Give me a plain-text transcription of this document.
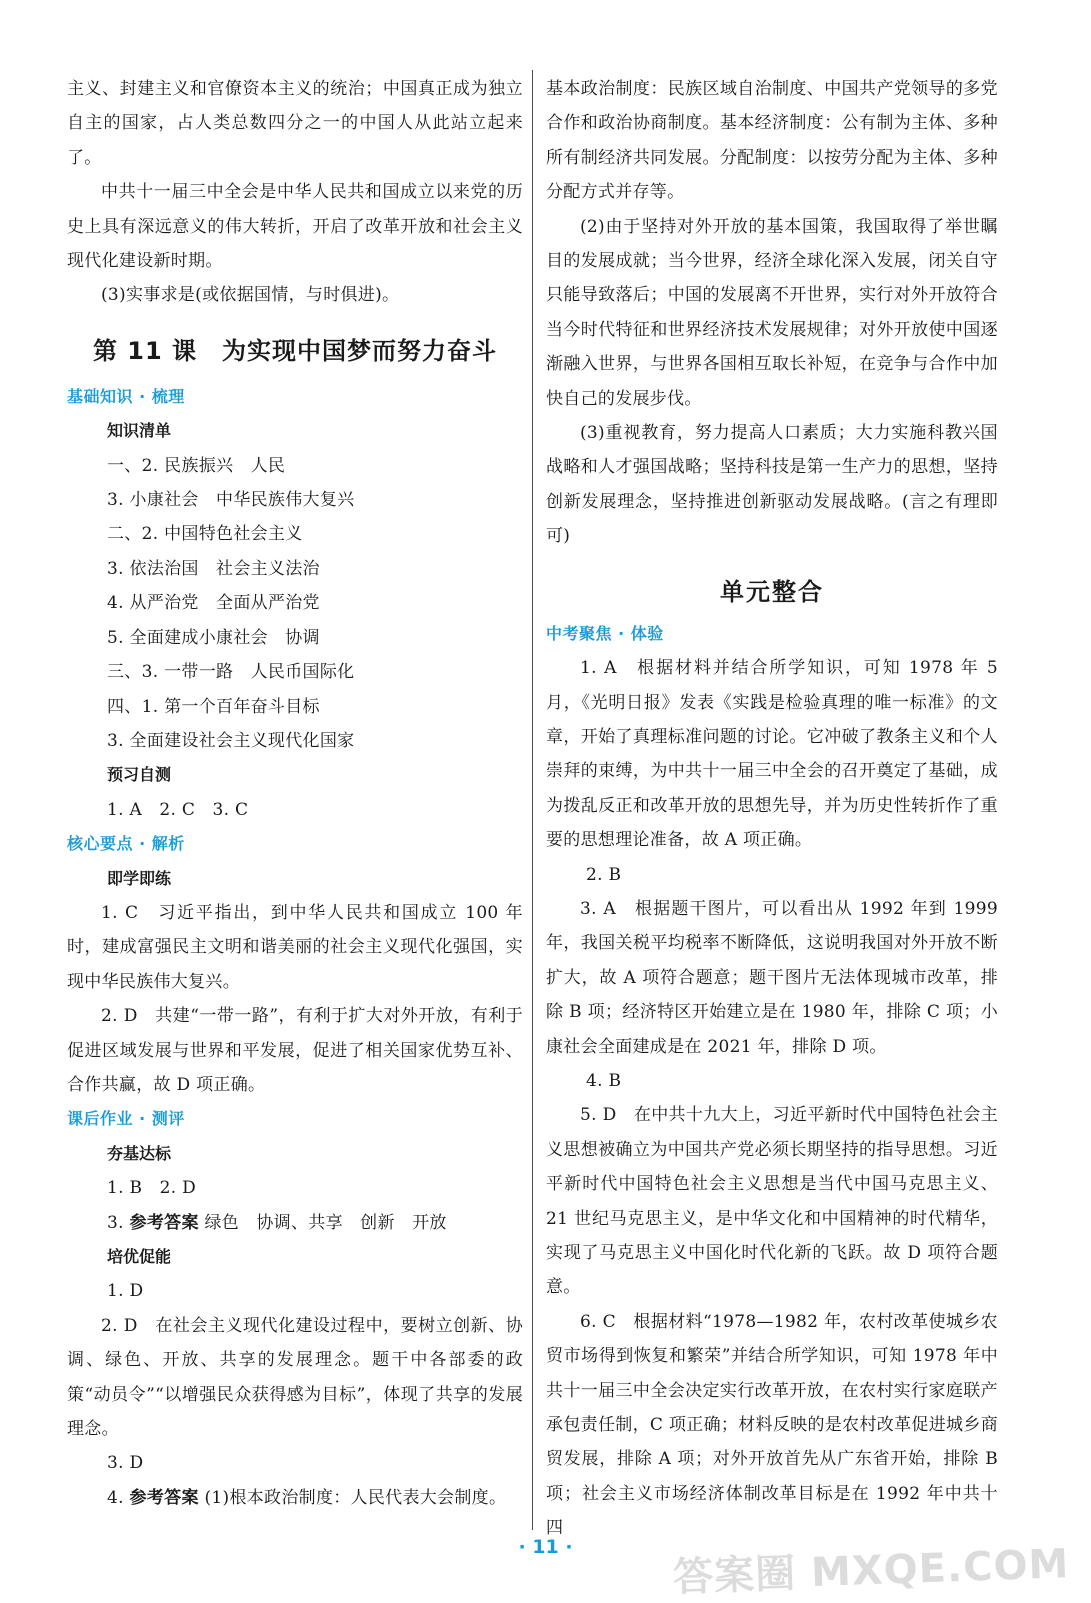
主义、封建主义和官僚资本主义的统治；中国真正成为独立自主的国家，占人类总数四分之一的中国人从此站立起来了。

中共十一届三中全会是中华人民共和国成立以来党的历史上具有深远意义的伟大转折，开启了改革开放和社会主义现代化建设新时期。

(3)实事求是(或依据国情，与时俱进)。

第 11 课　为实现中国梦而努力奋斗

基础知识 · 梳理

知识清单

一、2. 民族振兴　人民

3. 小康社会　中华民族伟大复兴

二、2. 中国特色社会主义

3. 依法治国　社会主义法治

4. 从严治党　全面从严治党

5. 全面建成小康社会　协调

三、3. 一带一路　人民币国际化

四、1. 第一个百年奋斗目标

3. 全面建设社会主义现代化国家

预习自测

1. A　2. C　3. C

核心要点 · 解析

即学即练

1. C　习近平指出，到中华人民共和国成立 100 年时，建成富强民主文明和谐美丽的社会主义现代化强国，实现中华民族伟大复兴。

2. D　共建“一带一路”，有利于扩大对外开放，有利于促进区域发展与世界和平发展，促进了相关国家优势互补、合作共赢，故 D 项正确。

课后作业 · 测评

夯基达标

1. B　2. D

3. 参考答案 绿色　协调、共享　创新　开放

培优促能

1. D

2. D　在社会主义现代化建设过程中，要树立创新、协调、绿色、开放、共享的发展理念。题干中各部委的政策“动员令”“以增强民众获得感为目标”，体现了共享的发展理念。

3. D

4. 参考答案 (1)根本政治制度：人民代表大会制度。

基本政治制度：民族区域自治制度、中国共产党领导的多党合作和政治协商制度。基本经济制度：公有制为主体、多种所有制经济共同发展。分配制度：以按劳分配为主体、多种分配方式并存等。

(2)由于坚持对外开放的基本国策，我国取得了举世瞩目的发展成就；当今世界，经济全球化深入发展，闭关自守只能导致落后；中国的发展离不开世界，实行对外开放符合当今时代特征和世界经济技术发展规律；对外开放使中国逐渐融入世界，与世界各国相互取长补短，在竞争与合作中加快自己的发展步伐。

(3)重视教育，努力提高人口素质；大力实施科教兴国战略和人才强国战略；坚持科技是第一生产力的思想，坚持创新发展理念，坚持推进创新驱动发展战略。(言之有理即可)

单元整合

中考聚焦 · 体验

1. A　根据材料并结合所学知识，可知 1978 年 5 月，《光明日报》发表《实践是检验真理的唯一标准》的文章，开始了真理标准问题的讨论。它冲破了教条主义和个人崇拜的束缚，为中共十一届三中全会的召开奠定了基础，成为拨乱反正和改革开放的思想先导，并为历史性转折作了重要的思想理论准备，故 A 项正确。

2. B

3. A　根据题干图片，可以看出从 1992 年到 1999 年，我国关税平均税率不断降低，这说明我国对外开放不断扩大，故 A 项符合题意；题干图片无法体现城市改革，排除 B 项；经济特区开始建立是在 1980 年，排除 C 项；小康社会全面建成是在 2021 年，排除 D 项。

4. B

5. D　在中共十九大上，习近平新时代中国特色社会主义思想被确立为中国共产党必须长期坚持的指导思想。习近平新时代中国特色社会主义思想是当代中国马克思主义、21 世纪马克思主义，是中华文化和中国精神的时代精华，实现了马克思主义中国化时代化新的飞跃。故 D 项符合题意。

6. C　根据材料“1978—1982 年，农村改革使城乡农贸市场得到恢复和繁荣”并结合所学知识，可知 1978 年中共十一届三中全会决定实行改革开放，在农村实行家庭联产承包责任制，C 项正确；材料反映的是农村改革促进城乡商贸发展，排除 A 项；对外开放首先从广东省开始，排除 B 项；社会主义市场经济体制改革目标是在 1992 年中共十四

· 11 ·	答案圈 MXQE.COM
